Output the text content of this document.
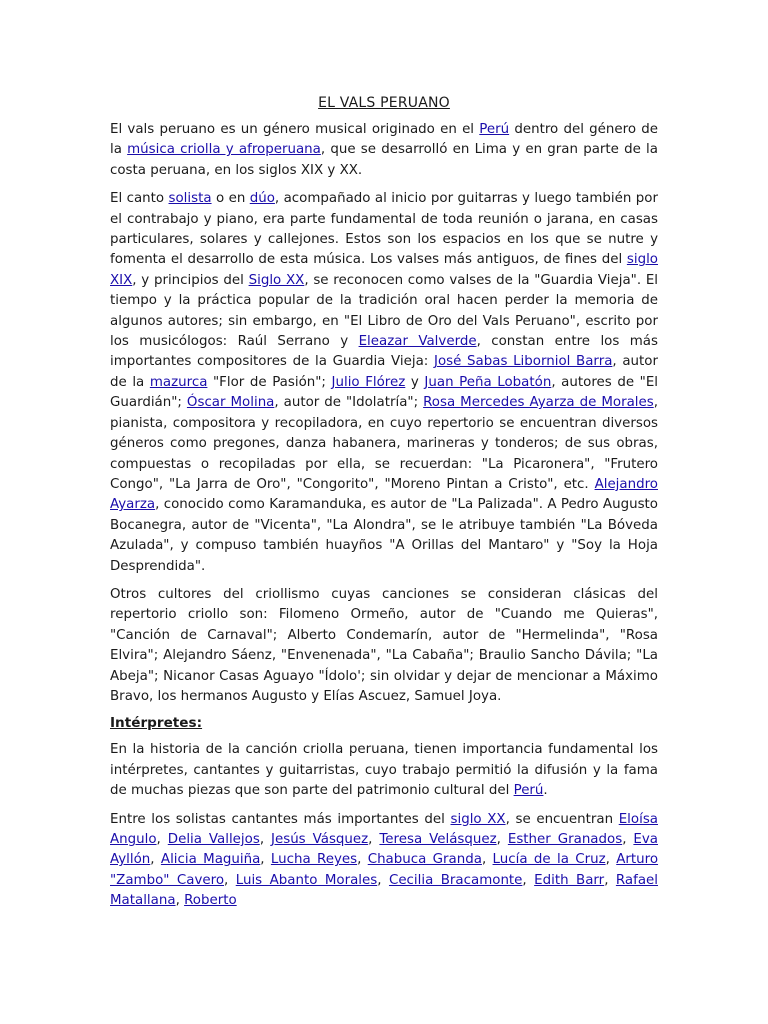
EL VALS PERUANO

El vals peruano es un género musical originado en el Perú dentro del género de la música criolla y afroperuana, que se desarrolló en Lima y en gran parte de la costa peruana, en los siglos XIX y XX.

El canto solista o en dúo, acompañado al inicio por guitarras y luego también por el contrabajo y piano, era parte fundamental de toda reunión o jarana, en casas particulares, solares y callejones. Estos son los espacios en los que se nutre y fomenta el desarrollo de esta música. Los valses más antiguos, de fines del siglo XIX, y principios del Siglo XX, se reconocen como valses de la "Guardia Vieja". El tiempo y la práctica popular de la tradición oral hacen perder la memoria de algunos autores; sin embargo, en "El Libro de Oro del Vals Peruano", escrito por los musicólogos: Raúl Serrano y Eleazar Valverde, constan entre los más importantes compositores de la Guardia Vieja: José Sabas Libornio​l Barra, autor de la mazurca "Flor de Pasión"; Julio Flórez y Juan Peña Lobatón, autores de "El Guardián"; Óscar Molina, autor de "Idolatría"; Rosa Mercedes Ayarza de Morales, pianista, compositora y recopiladora, en cuyo repertorio se encuentran diversos géneros como pregones, danza habanera, marineras y tonderos; de sus obras, compuestas o recopiladas por ella, se recuerdan: "La Picaronera", "Frutero Congo", "La Jarra de Oro", "Congorito", "Moreno Pintan a Cristo", etc. Alejandro Ayarza, conocido como Karamanduka, es autor de "La Palizada". A Pedro Augusto Bocanegra, autor de "Vicenta", "La Alondra", se le atribuye también "La Bóveda Azulada", y compuso también huayños "A Orillas del Mantaro" y "Soy la Hoja Desprendida".

Otros cultores del criollismo cuyas canciones se consideran clásicas del repertorio criollo son: Filomeno Ormeño, autor de "Cuando me Quieras", "Canción de Carnaval"; Alberto Condemarín, autor de "Hermelinda", "Rosa Elvira"; Alejandro Sáenz, "Envenenada", "La Cabaña"; Braulio Sancho Dávila; "La Abeja"; Nicanor Casas Aguayo "Ídolo'; sin olvidar y dejar de mencionar a Máximo Bravo, los hermanos Augusto y Elías Ascuez, Samuel Joya.

Intérpretes:

En la historia de la canción criolla peruana, tienen importancia fundamental los intérpretes, cantantes y guitarristas, cuyo trabajo permitió la difusión y la fama de muchas piezas que son parte del patrimonio cultural del Perú.

Entre los solistas cantantes más importantes del siglo XX, se encuentran Eloísa Angulo, Delia Vallejos, Jesús Vásquez, Teresa Velásquez, Esther Granados, Eva Ayllón, Alicia Maguiña, Lucha Reyes, Chabuca Granda, Lucía de la Cruz, Arturo "Zambo" Cavero, Luis Abanto Morales, Cecilia Bracamonte, Edith Barr, Rafael Matallana, Roberto
